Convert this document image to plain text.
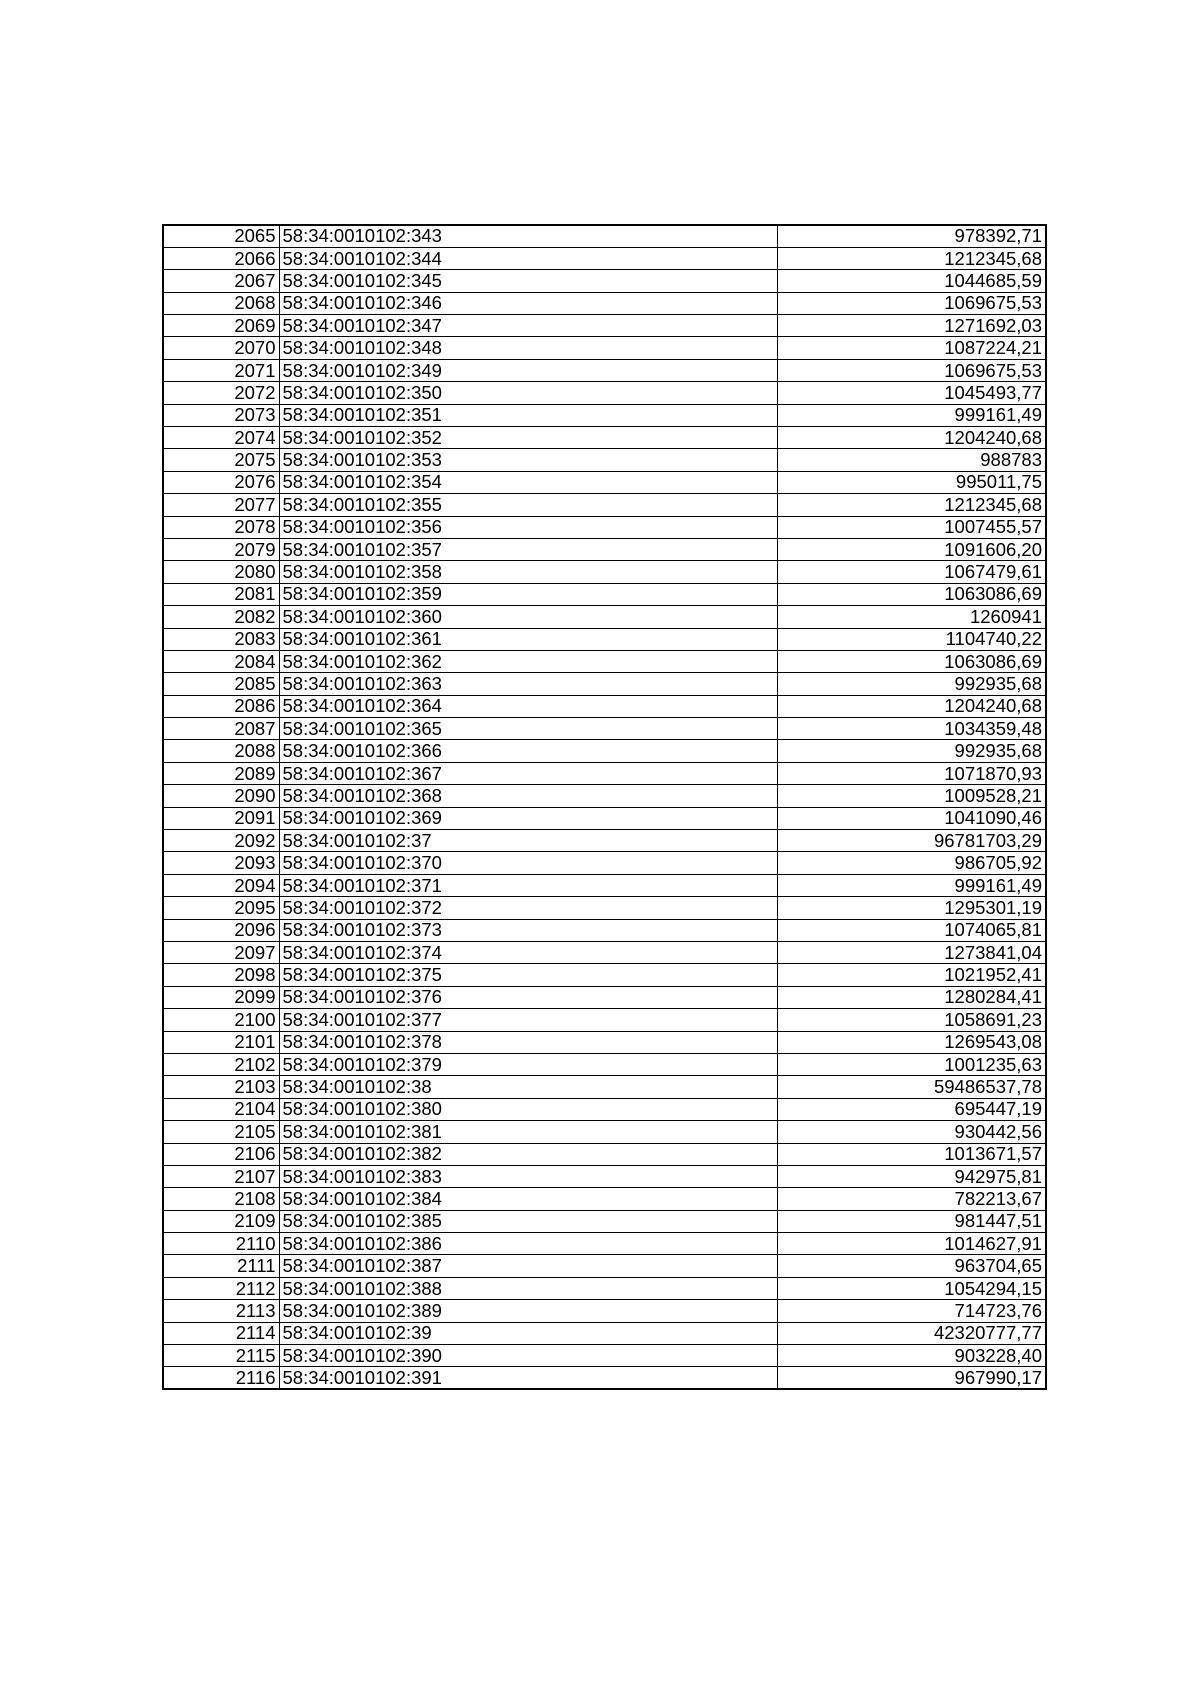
2065	58:34:0010102:343	978392,71
2066	58:34:0010102:344	1212345,68
2067	58:34:0010102:345	1044685,59
2068	58:34:0010102:346	1069675,53
2069	58:34:0010102:347	1271692,03
2070	58:34:0010102:348	1087224,21
2071	58:34:0010102:349	1069675,53
2072	58:34:0010102:350	1045493,77
2073	58:34:0010102:351	999161,49
2074	58:34:0010102:352	1204240,68
2075	58:34:0010102:353	988783
2076	58:34:0010102:354	995011,75
2077	58:34:0010102:355	1212345,68
2078	58:34:0010102:356	1007455,57
2079	58:34:0010102:357	1091606,20
2080	58:34:0010102:358	1067479,61
2081	58:34:0010102:359	1063086,69
2082	58:34:0010102:360	1260941
2083	58:34:0010102:361	1104740,22
2084	58:34:0010102:362	1063086,69
2085	58:34:0010102:363	992935,68
2086	58:34:0010102:364	1204240,68
2087	58:34:0010102:365	1034359,48
2088	58:34:0010102:366	992935,68
2089	58:34:0010102:367	1071870,93
2090	58:34:0010102:368	1009528,21
2091	58:34:0010102:369	1041090,46
2092	58:34:0010102:37	96781703,29
2093	58:34:0010102:370	986705,92
2094	58:34:0010102:371	999161,49
2095	58:34:0010102:372	1295301,19
2096	58:34:0010102:373	1074065,81
2097	58:34:0010102:374	1273841,04
2098	58:34:0010102:375	1021952,41
2099	58:34:0010102:376	1280284,41
2100	58:34:0010102:377	1058691,23
2101	58:34:0010102:378	1269543,08
2102	58:34:0010102:379	1001235,63
2103	58:34:0010102:38	59486537,78
2104	58:34:0010102:380	695447,19
2105	58:34:0010102:381	930442,56
2106	58:34:0010102:382	1013671,57
2107	58:34:0010102:383	942975,81
2108	58:34:0010102:384	782213,67
2109	58:34:0010102:385	981447,51
2110	58:34:0010102:386	1014627,91
2111	58:34:0010102:387	963704,65
2112	58:34:0010102:388	1054294,15
2113	58:34:0010102:389	714723,76
2114	58:34:0010102:39	42320777,77
2115	58:34:0010102:390	903228,40
2116	58:34:0010102:391	967990,17
